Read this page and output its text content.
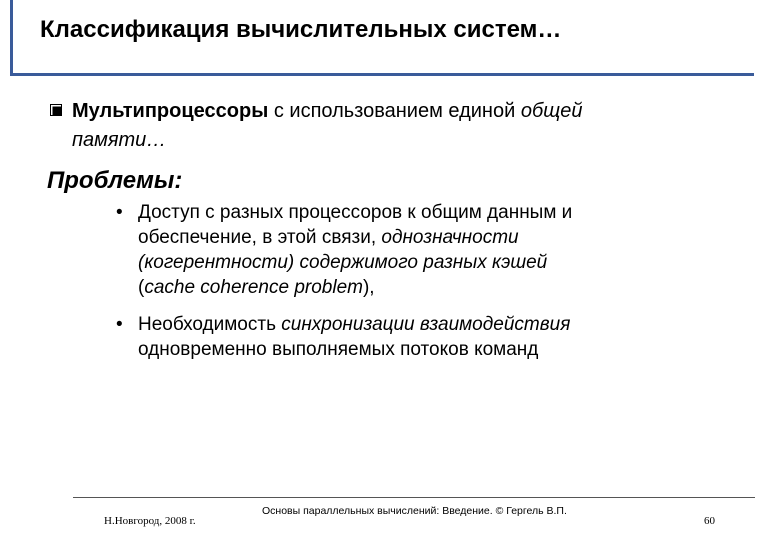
Классификация вычислительных систем…
Мультипроцессоры с использованием единой общей
памяти…
Проблемы:
• Доступ с разных процессоров к общим данным и
обеспечение, в этой связи, однозначности
(когерентности) содержимого разных кэшей
(cache coherence problem),
• Необходимость синхронизации взаимодействия
одновременно выполняемых потоков команд
Н.Новгород, 2008 г.
Основы параллельных вычислений: Введение. © Гергель В.П.
60
